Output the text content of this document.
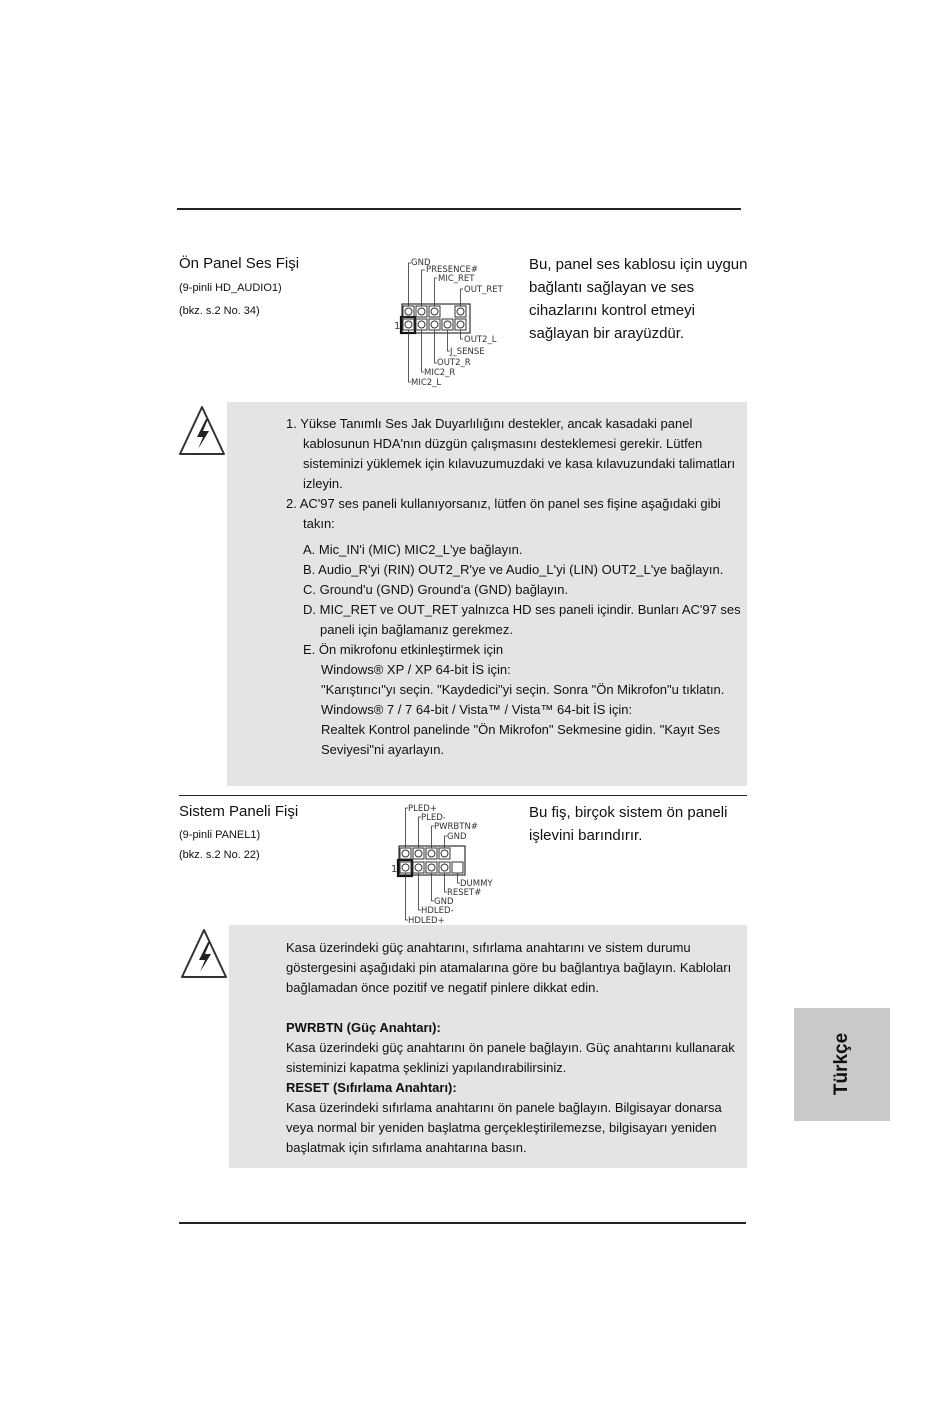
Ön Panel Ses Fişi
(9-pinli HD_AUDIO1)
(bkz. s.2 No. 34)
GND
PRESENCE#
MIC_RET
OUT_RET
OUT2_L
J_SENSE
OUT2_R
MIC2_R
MIC2_L
1
Bu, panel ses kablosu için uygun bağlantı sağlayan ve ses cihazlarını kontrol etmeyi sağlayan bir arayüzdür.

1. Yükse Tanımlı Ses Jak Duyarlılığını destekler, ancak kasadaki panel kablosunun HDA'nın düzgün çalışmasını desteklemesi gerekir. Lütfen sisteminizi yüklemek için kılavuzumuzdaki ve kasa kılavuzundaki talimatları izleyin.

2. AC'97 ses paneli kullanıyorsanız, lütfen ön panel ses fişine aşağıdaki gibi takın:

A. Mic_IN'i (MIC) MIC2_L'ye bağlayın.

B. Audio_R'yi (RIN) OUT2_R'ye ve Audio_L'yi (LIN) OUT2_L'ye bağlayın.

C. Ground'u (GND) Ground'a (GND) bağlayın.

D. MIC_RET ve OUT_RET yalnızca HD ses paneli içindir. Bunları AC'97 ses paneli için bağlamanız gerekmez.

E. Ön mikrofonu etkinleştirmek için

Windows® XP / XP 64-bit İS için:

"Karıştırıcı"yı seçin. "Kaydedici"yi seçin. Sonra "Ön Mikrofon"u tıklatın.

Windows® 7 / 7 64-bit / Vista™ / Vista™ 64-bit İS için:

Realtek Kontrol panelinde "Ön Mikrofon" Sekmesine gidin. "Kayıt Ses Seviyesi"ni ayarlayın.

Sistem Paneli Fişi
(9-pinli PANEL1)
(bkz. s.2 No. 22)
PLED+
PLED-
PWRBTN#
GND
DUMMY
RESET#
GND
HDLED-
HDLED+
1
Bu fiş, birçok sistem ön paneli işlevini barındırır.

Kasa üzerindeki güç anahtarını, sıfırlama anahtarını ve sistem durumu göstergesini aşağıdaki pin atamalarına göre bu bağlantıya bağlayın. Kabloları bağlamadan önce pozitif ve negatif pinlere dikkat edin.

PWRBTN (Güç Anahtarı):

Kasa üzerindeki güç anahtarını ön panele bağlayın. Güç anahtarını kullanarak sisteminizi kapatma şeklinizi yapılandırabilirsiniz.

RESET (Sıfırlama Anahtarı):

Kasa üzerindeki sıfırlama anahtarını ön panele bağlayın. Bilgisayar donarsa veya normal bir yeniden başlatma gerçekleştirilemezse, bilgisayarı yeniden başlatmak için sıfırlama anahtarına basın.

Türkçe
